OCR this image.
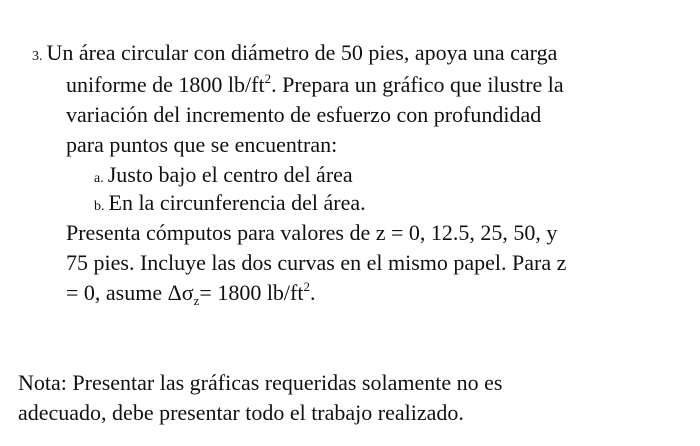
3. Un área circular con diámetro de 50 pies, apoya una carga
uniforme de 1800 $lb/ft^2$. Prepara un gráfico que ilustre la
variación del incremento de esfuerzo con profundidad
para puntos que se encuentran:
a. Justo bajo el centro del área
b. En la circunferencia del área.
Presenta cómputos para valores de z = 0, 12.5, 25, 50, y
75 pies. Incluye las dos curvas en el mismo papel. Para z
= 0, asume $\Delta\sigma_z= 1800$ $lb/ft^2$.
Nota: Presentar las gráficas requeridas solamente no es
adecuado, debe presentar todo el trabajo realizado.
